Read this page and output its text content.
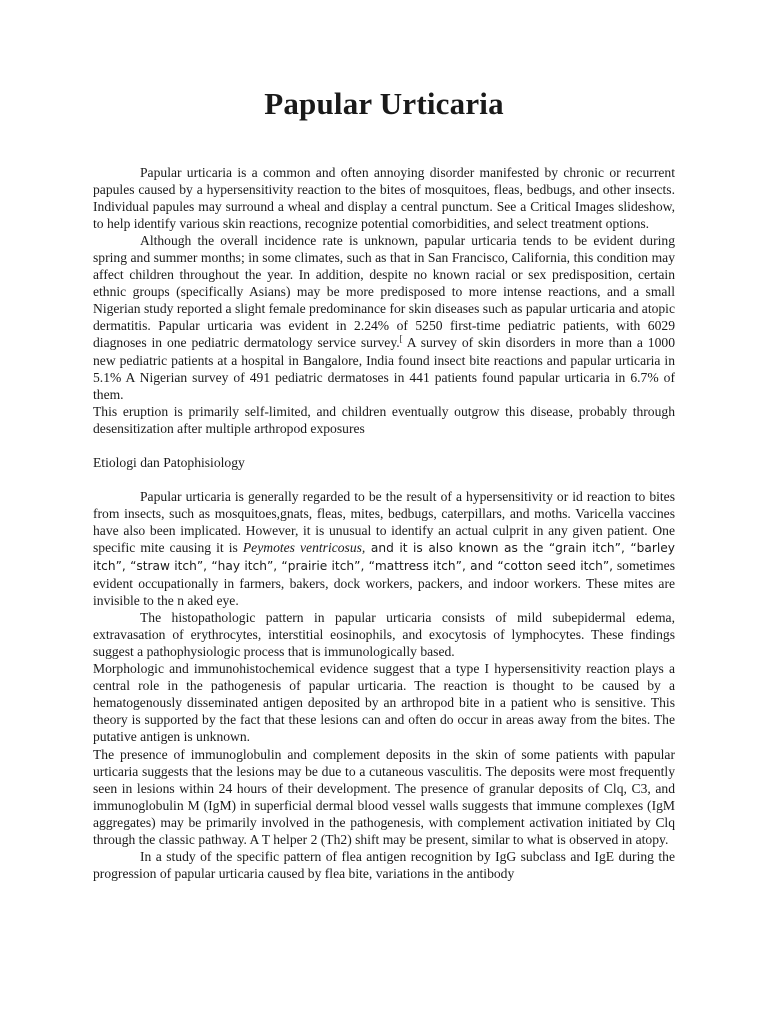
Papular Urticaria

Papular urticaria is a common and often annoying disorder manifested by chronic or recurrent papules caused by a hypersensitivity reaction to the bites of mosquitoes, fleas, bedbugs, and other insects. Individual papules may surround a wheal and display a central punctum. See a Critical Images slideshow, to help identify various skin reactions, recognize potential comorbidities, and select treatment options.

Although the overall incidence rate is unknown, papular urticaria tends to be evident during spring and summer months; in some climates, such as that in San Francisco, California, this condition may affect children throughout the year. In addition, despite no known racial or sex predisposition, certain ethnic groups (specifically Asians) may be more predisposed to more intense reactions, and a small Nigerian study reported a slight female predominance for skin diseases such as papular urticaria and atopic dermatitis. Papular urticaria was evident in 2.24% of 5250 first-time pediatric patients, with 6029 diagnoses in one pediatric dermatology service survey.[ A survey of skin disorders in more than a 1000 new pediatric patients at a hospital in Bangalore, India found insect bite reactions and papular urticaria in 5.1% A Nigerian survey of 491 pediatric dermatoses in 441 patients found papular urticaria in 6.7% of them.

This eruption is primarily self-limited, and children eventually outgrow this disease, probably through desensitization after multiple arthropod exposures

Etiologi dan Patophisiology

Papular urticaria is generally regarded to be the result of a hypersensitivity or id reaction to bites from insects, such as mosquitoes,gnats, fleas, mites, bedbugs, caterpillars, and moths. Varicella vaccines have also been implicated. However, it is unusual to identify an actual culprit in any given patient. One specific mite causing it is Peymotes ventricosus, and it is also known as the “grain itch”, “barley itch”, “straw itch”, “hay itch”, “prairie itch”, “mattress itch”, and “cotton seed itch”, sometimes evident occupationally in farmers, bakers, dock workers, packers, and indoor workers. These mites are invisible to the n aked eye.

The histopathologic pattern in papular urticaria consists of mild subepidermal edema, extravasation of erythrocytes, interstitial eosinophils, and exocytosis of lymphocytes. These findings suggest a pathophysiologic process that is immunologically based.

Morphologic and immunohistochemical evidence suggest that a type I hypersensitivity reaction plays a central role in the pathogenesis of papular urticaria. The reaction is thought to be caused by a hematogenously disseminated antigen deposited by an arthropod bite in a patient who is sensitive. This theory is supported by the fact that these lesions can and often do occur in areas away from the bites. The putative antigen is unknown.

The presence of immunoglobulin and complement deposits in the skin of some patients with papular urticaria suggests that the lesions may be due to a cutaneous vasculitis. The deposits were most frequently seen in lesions within 24 hours of their development. The presence of granular deposits of Clq, C3, and immunoglobulin M (IgM) in superficial dermal blood vessel walls suggests that immune complexes (IgM aggregates) may be primarily involved in the pathogenesis, with complement activation initiated by Clq through the classic pathway. A T helper 2 (Th2) shift may be present, similar to what is observed in atopy.

In a study of the specific pattern of flea antigen recognition by IgG subclass and IgE during the progression of papular urticaria caused by flea bite, variations in the antibody
